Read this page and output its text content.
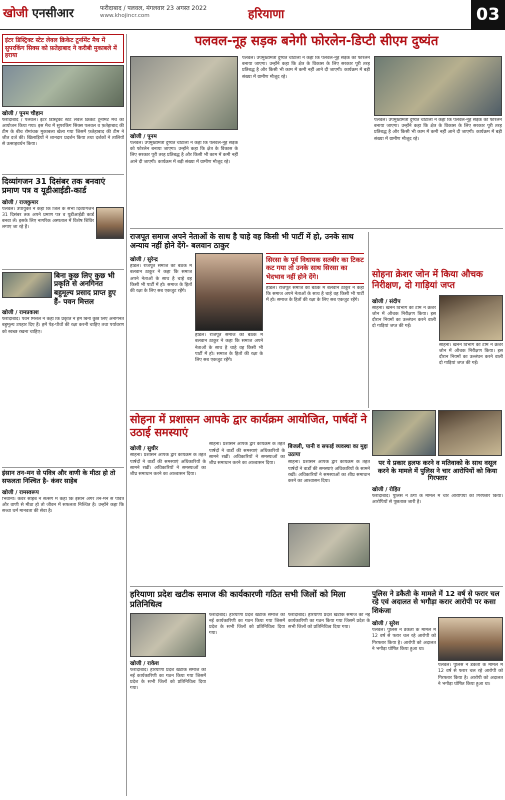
खोजी एनसीआर	फरीदाबाद / पलवल, मंगलवार 23 अगस्त 2022
www.khojincr.com	हरियाणा	03
इंटर डिस्ट्रिक्ट स्टेट लेवल क्रिकेट टूर्नामेंट मैच में सुपरकिंग सिक्स को फ़तेहाबाद ने करीबी मुकाबले में हराया
खोजी / पूनम चौहान

फरीदाबाद / पलवल। इंटर डिस्ट्रिक्ट स्टेट लेवल क्रिकेट टूर्नामेंट मैच का आयोजन किया गया। इस मैच में सुपरकिंग सिक्स पलवल व फ़तेहाबाद की टीम के बीच रोमांचक मुकाबला खेला गया जिसमें फ़तेहाबाद की टीम ने जीत दर्ज की। खिलाड़ियों ने शानदार प्रदर्शन किया तथा दर्शकों ने तालियों से उत्साहवर्धन किया।

दिव्यांगजन 31 दिसंबर तक बनवाएं प्रमाण पत्र व यूडीआईडी-कार्ड
खोजी / राजकुमार

पलवल। उपायुक्त ने कहा कि जिले के सभी दिव्यांगजन 31 दिसंबर तक अपने प्रमाण पत्र व यूडीआईडी कार्ड बनवा लें। इसके लिए नागरिक अस्पताल में विशेष शिविर लगाए जा रहे हैं।

बिना कुछ लिए कुछ भी प्रकृति से अनगिनत बहुमूल्य प्रसाद प्राप्त हुए हैं- पवन मित्तल
खोजी / रामप्रकाश

फरीदाबाद। पवन मित्तल ने कहा कि प्रकृति ने हमें बिना कुछ लिए अनगिनत बहुमूल्य उपहार दिए हैं। हमें पेड़-पौधों की रक्षा करनी चाहिए तथा पर्यावरण को स्वच्छ रखना चाहिए।

इंसान तन-मन से पवित्र और वाणी के मीठा हो तो सफलता निश्चित है- कंवर साहेब
खोजी / रामस्वरूप

भिवानी। कंवर साहेब ने सत्संग में कहा कि इंसान अगर तन-मन से पवित्र और वाणी से मीठा हो तो जीवन में सफलता निश्चित है। उन्होंने कहा कि सच्चा धर्म मानवता की सेवा है।

पलवल-नूह सड़क बनेगी फोरलेन-डिप्टी सीएम दुष्यंत
खोजी / पूनम

पलवल। उपमुख्यमंत्री दुष्यंत चौटाला ने कहा कि पलवल-नूह सड़क को फोरलेन बनाया जाएगा। उन्होंने कहा कि क्षेत्र के विकास के लिए सरकार पूरी तरह प्रतिबद्ध है और किसी भी काम में कमी नहीं आने दी जाएगी। कार्यक्रम में बड़ी संख्या में ग्रामीण मौजूद रहे।

पलवल। उपमुख्यमंत्री दुष्यंत चौटाला ने कहा कि पलवल-नूह सड़क को फोरलेन बनाया जाएगा। उन्होंने कहा कि क्षेत्र के विकास के लिए सरकार पूरी तरह प्रतिबद्ध है और किसी भी काम में कमी नहीं आने दी जाएगी। कार्यक्रम में बड़ी संख्या में ग्रामीण मौजूद रहे।

पलवल। उपमुख्यमंत्री दुष्यंत चौटाला ने कहा कि पलवल-नूह सड़क को फोरलेन बनाया जाएगा। उन्होंने कहा कि क्षेत्र के विकास के लिए सरकार पूरी तरह प्रतिबद्ध है और किसी भी काम में कमी नहीं आने दी जाएगी। कार्यक्रम में बड़ी संख्या में ग्रामीण मौजूद रहे।

राजपूत समाज अपने नेताओं के साथ है चाहे वह किसी भी पार्टी में हो, उनके साथ अन्याय नहीं होने देंगे- बलवान ठाकुर
खोजी / सुरेन्द्र

होडल। राजपूत समाज की बैठक में बलवान ठाकुर ने कहा कि समाज अपने नेताओं के साथ है चाहे वह किसी भी पार्टी में हो। समाज के हितों की रक्षा के लिए सब एकजुट रहेंगे।

होडल। राजपूत समाज की बैठक में बलवान ठाकुर ने कहा कि समाज अपने नेताओं के साथ है चाहे वह किसी भी पार्टी में हो। समाज के हितों की रक्षा के लिए सब एकजुट रहेंगे।

सिरसा के पूर्व विधायक सतबीर का टिकट कट गया तो उनके साथ सिरसा का भेदभाव नहीं होने देंगे।

होडल। राजपूत समाज की बैठक में बलवान ठाकुर ने कहा कि समाज अपने नेताओं के साथ है चाहे वह किसी भी पार्टी में हो। समाज के हितों की रक्षा के लिए सब एकजुट रहेंगे।

सोहना क्रेशर जोन में किया औचक निरीक्षण, दो गाड़ियां जप्त
खोजी / संदीप

सोहना। खनन विभाग की टीम ने क्रेशर जोन में औचक निरीक्षण किया। इस दौरान नियमों का उल्लंघन करने वाली दो गाड़ियां जप्त की गईं।

सोहना। खनन विभाग की टीम ने क्रेशर जोन में औचक निरीक्षण किया। इस दौरान नियमों का उल्लंघन करने वाली दो गाड़ियां जप्त की गईं।

सोहना में प्रशासन आपके द्वार कार्यक्रम आयोजित, पार्षदों ने उठाई समस्याएं
खोजी / सुधीर

सोहना। प्रशासन आपके द्वार कार्यक्रम के तहत पार्षदों ने वार्डों की समस्याएं अधिकारियों के सामने रखीं। अधिकारियों ने समस्याओं का शीघ्र समाधान करने का आश्वासन दिया।

सोहना। प्रशासन आपके द्वार कार्यक्रम के तहत पार्षदों ने वार्डों की समस्याएं अधिकारियों के सामने रखीं। अधिकारियों ने समस्याओं का शीघ्र समाधान करने का आश्वासन दिया।

बिजली, पानी व सफाई व्यवस्था का मुद्दा उठाया

सोहना। प्रशासन आपके द्वार कार्यक्रम के तहत पार्षदों ने वार्डों की समस्याएं अधिकारियों के सामने रखीं। अधिकारियों ने समस्याओं का शीघ्र समाधान करने का आश्वासन दिया।

पर ये प्रकार हलफ करने व मतिवाको के साथ वसूल करने के मामले में पुलिस ने चार आरोपियों को किया गिरफ्तार
खोजी / रोहित

फरीदाबाद। पुलिस ने ठगी के मामले में चार आरोपियों को गिरफ्तार किया। आरोपियों से पूछताछ जारी है।

हरियाणा प्रदेश खटीक समाज की कार्यकारणी गठित सभी जिलों को मिला प्रतिनिधित्व
खोजी / राकेश

फरीदाबाद। हरियाणा प्रदेश खटीक समाज की नई कार्यकारिणी का गठन किया गया जिसमें प्रदेश के सभी जिलों को प्रतिनिधित्व दिया गया।

फरीदाबाद। हरियाणा प्रदेश खटीक समाज की नई कार्यकारिणी का गठन किया गया जिसमें प्रदेश के सभी जिलों को प्रतिनिधित्व दिया गया।

फरीदाबाद। हरियाणा प्रदेश खटीक समाज की नई कार्यकारिणी का गठन किया गया जिसमें प्रदेश के सभी जिलों को प्रतिनिधित्व दिया गया।

पुलिस ने डकैती के मामले में 12 वर्ष से फरार चल रहे एवं अदालत से भगौड़ा करार आरोपी पर कसा शिकंजा
खोजी / सुरेश

पलवल। पुलिस ने डकैती के मामले में 12 वर्ष से फरार चल रहे आरोपी को गिरफ्तार किया है। आरोपी को अदालत ने भगौड़ा घोषित किया हुआ था।

पलवल। पुलिस ने डकैती के मामले में 12 वर्ष से फरार चल रहे आरोपी को गिरफ्तार किया है। आरोपी को अदालत ने भगौड़ा घोषित किया हुआ था।
